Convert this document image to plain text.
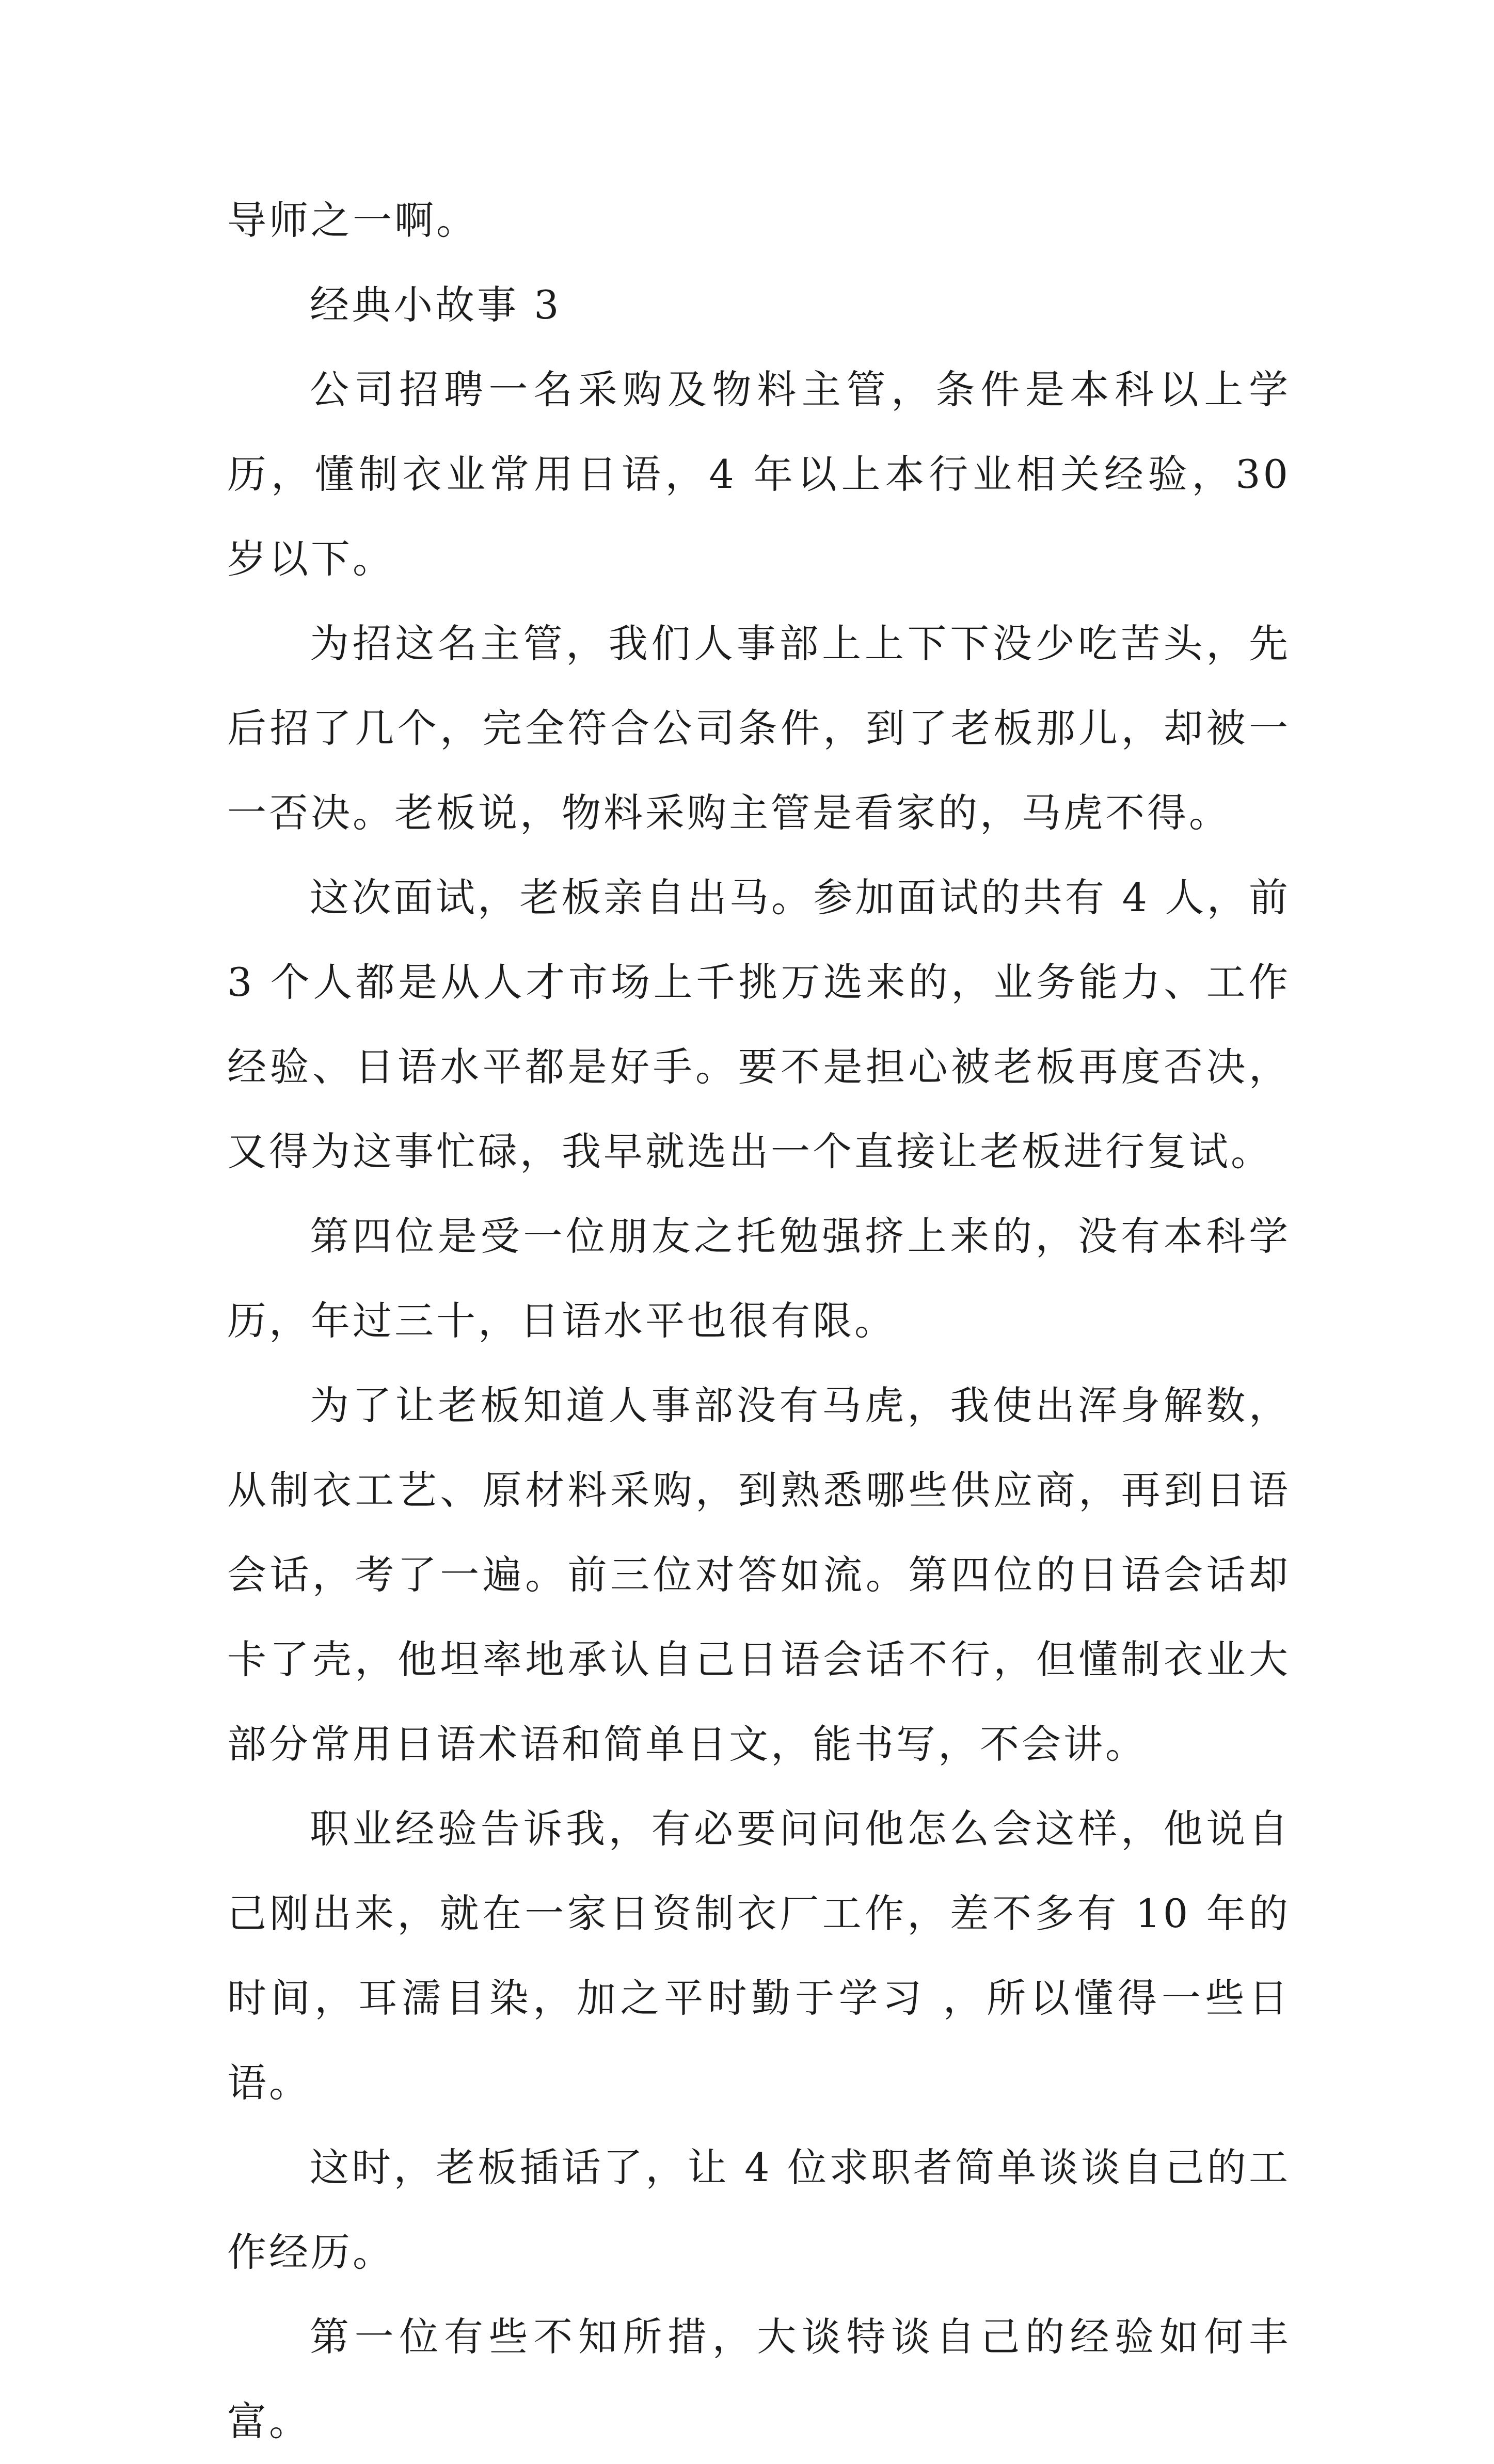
导师之一啊。

经典小故事 3

公司招聘一名采购及物料主管，条件是本科以上学历，懂制衣业常用日语，4 年以上本行业相关经验，30 岁以下。

为招这名主管，我们人事部上上下下没少吃苦头，先后招了几个，完全符合公司条件，到了老板那儿，却被一一否决。老板说，物料采购主管是看家的，马虎不得。

这次面试，老板亲自出马。参加面试的共有 4 人，前 3 个人都是从人才市场上千挑万选来的，业务能力、工作经验、日语水平都是好手。要不是担心被老板再度否决，又得为这事忙碌，我早就选出一个直接让老板进行复试。

第四位是受一位朋友之托勉强挤上来的，没有本科学历，年过三十，日语水平也很有限。

为了让老板知道人事部没有马虎，我使出浑身解数，从制衣工艺、原材料采购，到熟悉哪些供应商，再到日语会话，考了一遍。前三位对答如流。第四位的日语会话却卡了壳，他坦率地承认自己日语会话不行，但懂制衣业大部分常用日语术语和简单日文，能书写，不会讲。

职业经验告诉我，有必要问问他怎么会这样，他说自己刚出来，就在一家日资制衣厂工作，差不多有 10 年的时间，耳濡目染，加之平时勤于学习 ，所以懂得一些日语。

这时，老板插话了，让 4 位求职者简单谈谈自己的工作经历。

第一位有些不知所措，大谈特谈自己的经验如何丰富。
